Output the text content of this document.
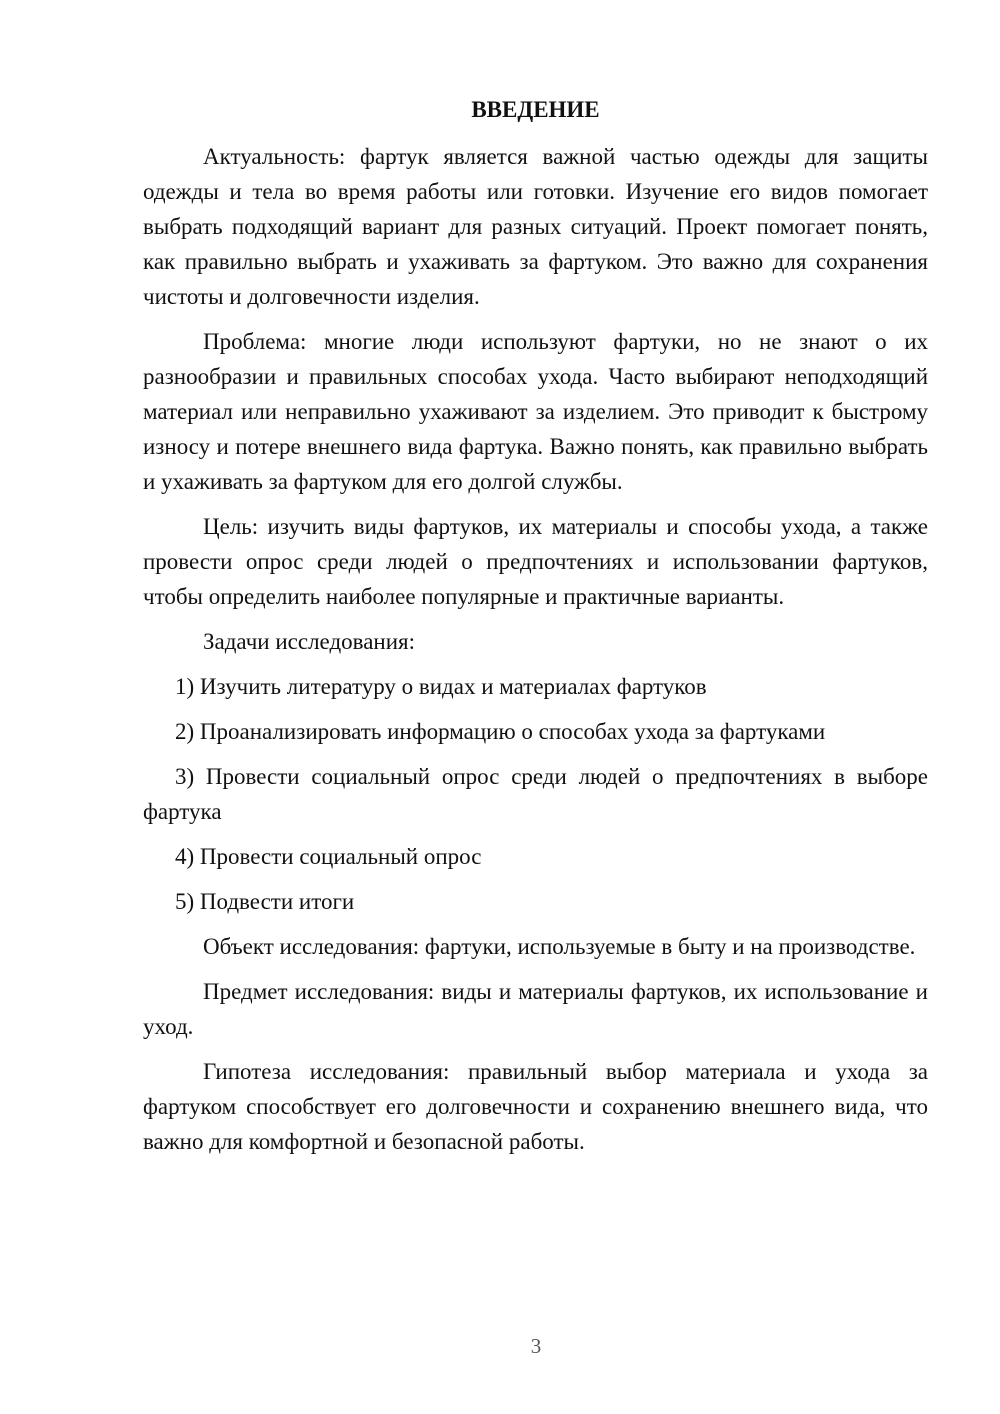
ВВЕДЕНИЕ

Актуальность: фартук является важной частью одежды для защиты одежды и тела во время работы или готовки. Изучение его видов помогает выбрать подходящий вариант для разных ситуаций. Проект помогает понять, как правильно выбрать и ухаживать за фартуком. Это важно для сохранения чистоты и долговечности изделия.

Проблема: многие люди используют фартуки, но не знают о их разнообразии и правильных способах ухода. Часто выбирают неподходящий материал или неправильно ухаживают за изделием. Это приводит к быстрому износу и потере внешнего вида фартука. Важно понять, как правильно выбрать и ухаживать за фартуком для его долгой службы.

Цель: изучить виды фартуков, их материалы и способы ухода, а также провести опрос среди людей о предпочтениях и использовании фартуков, чтобы определить наиболее популярные и практичные варианты.

Задачи исследования:

1) Изучить литературу о видах и материалах фартуков

2) Проанализировать информацию о способах ухода за фартуками

3) Провести социальный опрос среди людей о предпочтениях в выборе фартука

4) Провести социальный опрос

5) Подвести итоги

Объект исследования: фартуки, используемые в быту и на производстве.

Предмет исследования: виды и материалы фартуков, их использование и уход.

Гипотеза исследования: правильный выбор материала и ухода за фартуком способствует его долговечности и сохранению внешнего вида, что важно для комфортной и безопасной работы.

3
